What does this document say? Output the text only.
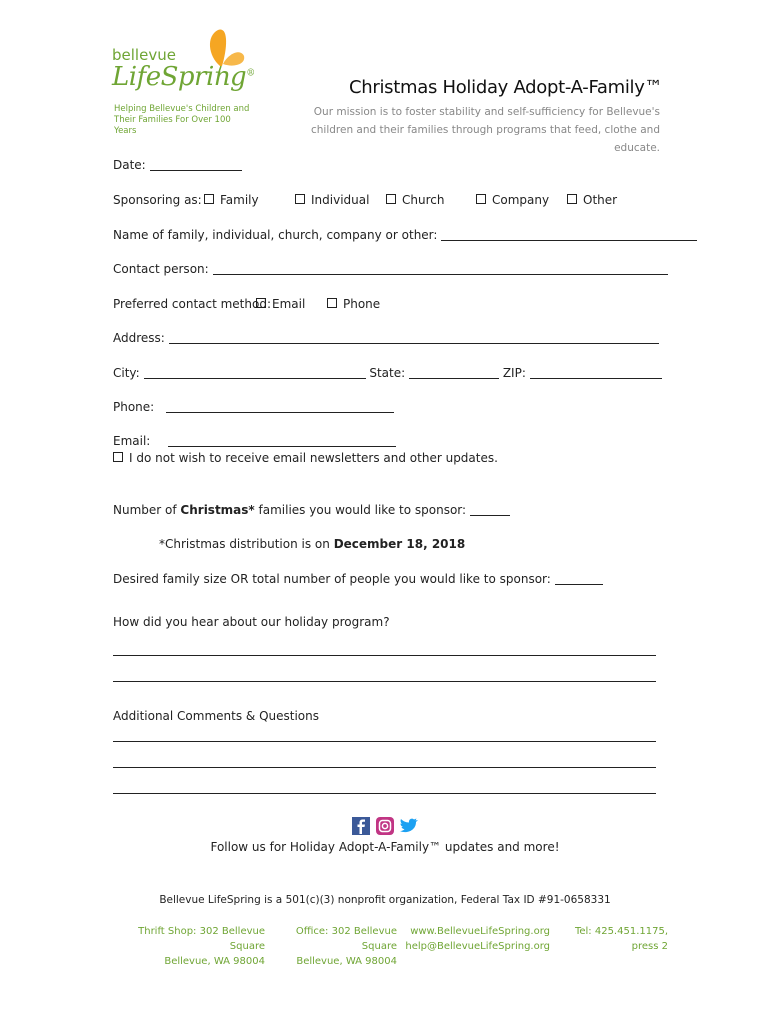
bellevue
LifeSpring®
Helping Bellevue's Children and
Their Families For Over 100 Years
Christmas Holiday Adopt-A-Family™
Our mission is to foster stability and self-sufficiency for Bellevue's
children and their families through programs that feed, clothe and educate.
Date:
Sponsoring as:	Family	Individual	Church	Company	Other
Name of family, individual, church, company or other:
Contact person:
Preferred contact method: Email	Phone
Address:
City:	State:	ZIP:
Phone:
Email:
I do not wish to receive email newsletters and other updates.
Number of Christmas* families you would like to sponsor:
*Christmas distribution is on December 18, 2018
Desired family size OR total number of people you would like to sponsor:
How did you hear about our holiday program?
Additional Comments & Questions
Follow us for Holiday Adopt-A-Family™ updates and more!
Bellevue LifeSpring is a 501(c)(3) nonprofit organization, Federal Tax ID #91-0658331
Thrift Shop: 302 Bellevue Square
Bellevue, WA 98004
Office: 302 Bellevue Square
Bellevue, WA 98004
www.BellevueLifeSpring.org
help@BellevueLifeSpring.org
Tel: 425.451.1175, press 2
